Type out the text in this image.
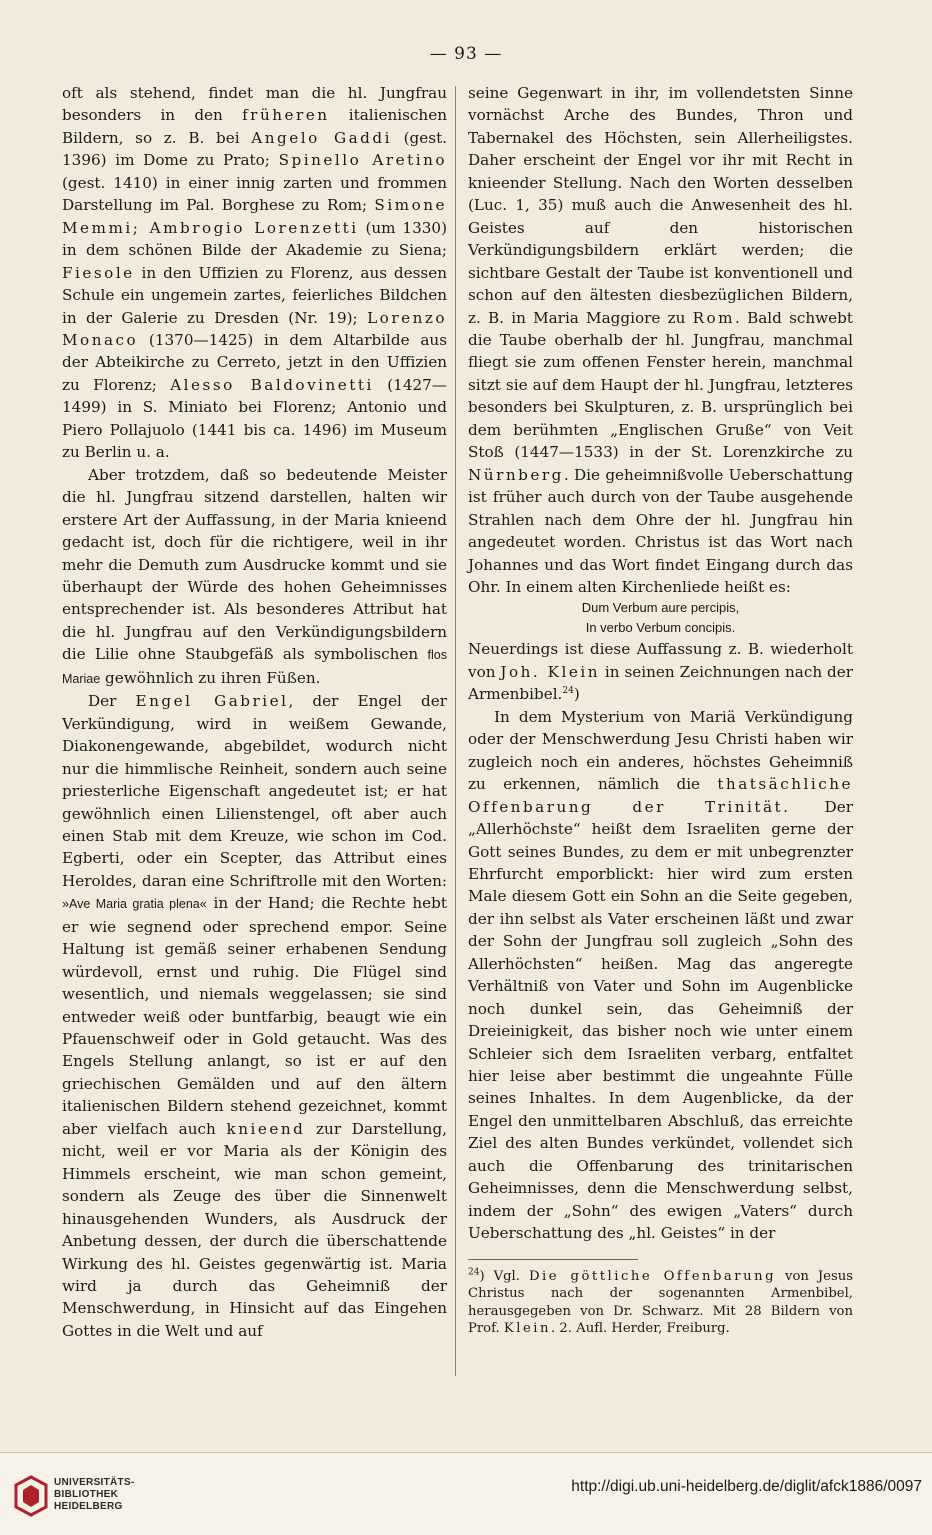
— 93 —

oft als stehend, findet man die hl. Jungfrau besonders in den früheren italienischen Bildern, so z. B. bei Angelo Gaddi (gest. 1396) im Dome zu Prato; Spinello Aretino (gest. 1410) in einer innig zarten und frommen Darstellung im Pal. Borghese zu Rom; Simone Memmi; Ambrogio Lorenzetti (um 1330) in dem schönen Bilde der Akademie zu Siena; Fiesole in den Uffizien zu Florenz, aus dessen Schule ein ungemein zartes, feierliches Bildchen in der Galerie zu Dresden (Nr. 19); Lorenzo Monaco (1370—1425) in dem Altarbilde aus der Abteikirche zu Cerreto, jetzt in den Uffizien zu Florenz; Alesso Baldovinetti (1427—1499) in S. Miniato bei Florenz; Antonio und Piero Pollajuolo (1441 bis ca. 1496) im Museum zu Berlin u. a.

Aber trotzdem, daß so bedeutende Meister die hl. Jungfrau sitzend darstellen, halten wir erstere Art der Auffassung, in der Maria knieend gedacht ist, doch für die richtigere, weil in ihr mehr die Demuth zum Ausdrucke kommt und sie überhaupt der Würde des hohen Geheimnisses entsprechender ist. Als besonderes Attribut hat die hl. Jungfrau auf den Verkündigungsbildern die Lilie ohne Staubgefäß als symbolischen flos Mariae gewöhnlich zu ihren Füßen.

Der Engel Gabriel, der Engel der Verkündigung, wird in weißem Gewande, Diakonengewande, abgebildet, wodurch nicht nur die himmlische Reinheit, sondern auch seine priesterliche Eigenschaft angedeutet ist; er hat gewöhnlich einen Lilienstengel, oft aber auch einen Stab mit dem Kreuze, wie schon im Cod. Egberti, oder ein Scepter, das Attribut eines Heroldes, daran eine Schriftrolle mit den Worten: »Ave Maria gratia plena« in der Hand; die Rechte hebt er wie segnend oder sprechend empor. Seine Haltung ist gemäß seiner erhabenen Sendung würdevoll, ernst und ruhig. Die Flügel sind wesentlich, und niemals weggelassen; sie sind entweder weiß oder buntfarbig, beaugt wie ein Pfauenschweif oder in Gold getaucht. Was des Engels Stellung anlangt, so ist er auf den griechischen Gemälden und auf den ältern italienischen Bildern stehend gezeichnet, kommt aber vielfach auch knieend zur Darstellung, nicht, weil er vor Maria als der Königin des Himmels erscheint, wie man schon gemeint, sondern als Zeuge des über die Sinnenwelt hinausgehenden Wunders, als Ausdruck der Anbetung dessen, der durch die überschattende Wirkung des hl. Geistes gegenwärtig ist. Maria wird ja durch das Geheimniß der Menschwerdung, in Hinsicht auf das Eingehen Gottes in die Welt und auf

seine Gegenwart in ihr, im vollendetsten Sinne vornächst Arche des Bundes, Thron und Tabernakel des Höchsten, sein Allerheiligstes. Daher erscheint der Engel vor ihr mit Recht in knieender Stellung. Nach den Worten desselben (Luc. 1, 35) muß auch die Anwesenheit des hl. Geistes auf den historischen Verkündigungsbildern erklärt werden; die sichtbare Gestalt der Taube ist konventionell und schon auf den ältesten diesbezüglichen Bildern, z. B. in Maria Maggiore zu Rom. Bald schwebt die Taube oberhalb der hl. Jungfrau, manchmal fliegt sie zum offenen Fenster herein, manchmal sitzt sie auf dem Haupt der hl. Jungfrau, letzteres besonders bei Skulpturen, z. B. ursprünglich bei dem berühmten „Englischen Gruße“ von Veit Stoß (1447—1533) in der St. Lorenzkirche zu Nürnberg. Die geheimnißvolle Ueberschattung ist früher auch durch von der Taube ausgehende Strahlen nach dem Ohre der hl. Jungfrau hin angedeutet worden. Christus ist das Wort nach Johannes und das Wort findet Eingang durch das Ohr. In einem alten Kirchenliede heißt es:

Dum Verbum aure percipis,

In verbo Verbum concipis.

Neuerdings ist diese Auffassung z. B. wiederholt von Joh. Klein in seinen Zeichnungen nach der Armenbibel.$^{24}$)

In dem Mysterium von Mariä Verkündigung oder der Menschwerdung Jesu Christi haben wir zugleich noch ein anderes, höchstes Geheimniß zu erkennen, nämlich die thatsächliche Offenbarung der Trinität. Der „Allerhöchste“ heißt dem Israeliten gerne der Gott seines Bundes, zu dem er mit unbegrenzter Ehrfurcht emporblickt: hier wird zum ersten Male diesem Gott ein Sohn an die Seite gegeben, der ihn selbst als Vater erscheinen läßt und zwar der Sohn der Jungfrau soll zugleich „Sohn des Allerhöchsten“ heißen. Mag das angeregte Verhältniß von Vater und Sohn im Augenblicke noch dunkel sein, das Geheimniß der Dreieinigkeit, das bisher noch wie unter einem Schleier sich dem Israeliten verbarg, entfaltet hier leise aber bestimmt die ungeahnte Fülle seines Inhaltes. In dem Augenblicke, da der Engel den unmittelbaren Abschluß, das erreichte Ziel des alten Bundes verkündet, vollendet sich auch die Offenbarung des trinitarischen Geheimnisses, denn die Menschwerdung selbst, indem der „Sohn“ des ewigen „Vaters“ durch Ueberschattung des „hl. Geistes“ in der

$^{24}$) Vgl. Die göttliche Offenbarung von Jesus Christus nach der sogenannten Armenbibel, herausgegeben von Dr. Schwarz. Mit 28 Bildern von Prof. Klein. 2. Aufl. Herder, Freiburg.

UNIVERSITÄTS-
BIBLIOTHEK
HEIDELBERG
http://digi.ub.uni-heidelberg.de/diglit/afck1886/0097
